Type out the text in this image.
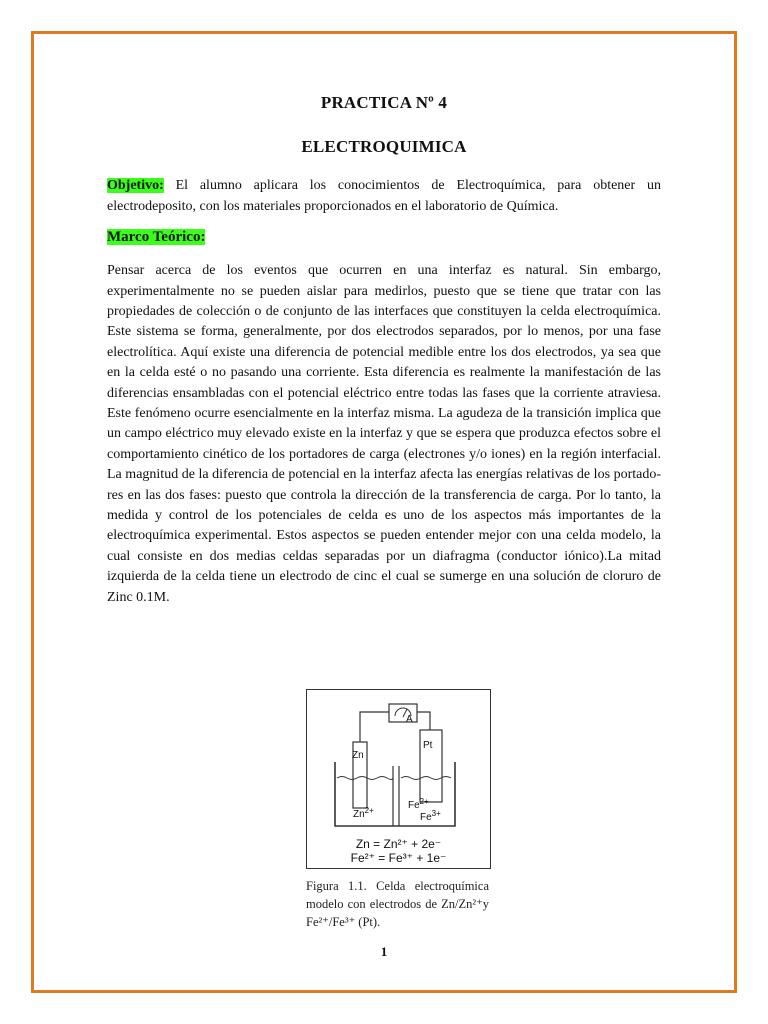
PRACTICA Nº 4
ELECTROQUIMICA

Objetivo: El alumno aplicara los conocimientos de Electroquímica, para obtener un electrodeposito, con los materiales proporcionados en el laboratorio de Química.

Marco Teórico:

Pensar acerca de los eventos que ocurren en una interfaz es natural. Sin embargo, experimentalmente no se pueden aislar para medirlos, puesto que se tiene que tratar con las propiedades de colección o de conjunto de las interfaces que constituyen la celda electroquímica. Este sistema se forma, generalmente, por dos electrodos separados, por lo menos, por una fase electrolítica. Aquí existe una diferencia de potencial medible entre los dos electrodos, ya sea que en la celda esté o no pasando una corriente. Esta diferencia es realmente la manifestación de las diferencias ensambladas con el potencial eléctrico entre todas las fases que la corriente atraviesa. Este fenómeno ocurre esencialmente en la interfaz misma. La agudeza de la transición implica que un campo eléctrico muy elevado existe en la interfaz y que se espera que produzca efectos sobre el comportamiento cinético de los portadores de carga (electrones y/o iones) en la región interfacial. La magnitud de la diferencia de potencial en la interfaz afecta las energías relativas de los portado-res en las dos fases: puesto que controla la dirección de la transferencia de carga. Por lo tanto, la medida y control de los potenciales de celda es uno de los aspectos más importantes de la electroquímica experimental. Estos aspectos se pueden entender mejor con una celda modelo, la cual consiste en dos medias celdas separadas por un diafragma (conductor iónico).La mitad izquierda de la celda tiene un electrodo de cinc el cual se sumerge en una solución de cloruro de Zinc 0.1M.

A
Zn
Pt
$Zn^{2+}$	$Fe^{2+}$
$Fe^{3+}$
Zn = Zn²⁺ + 2e⁻
Fe²⁺ = Fe³⁺ + 1e⁻
Figura 1.1. Celda electroquímica modelo con electrodos de Zn/Zn²⁺y Fe²⁺/Fe³⁺ (Pt).
1
